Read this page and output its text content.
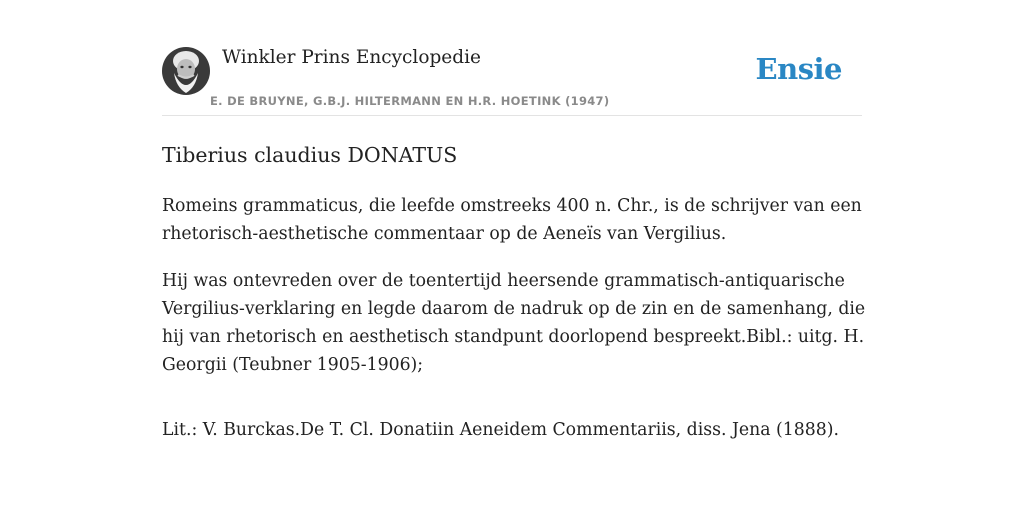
Winkler Prins Encyclopedie
E. DE BRUYNE, G.B.J. HILTERMANN EN H.R. HOETINK (1947)
Ensie
Tiberius claudius DONATUS

Romeins grammaticus, die leefde omstreeks 400 n. Chr., is de schrijver van een rhetorisch-aesthetische commentaar op de Aeneïs van Vergilius.

Hij was ontevreden over de toentertijd heersende grammatisch-antiquarische Vergilius-verklaring en legde daarom de nadruk op de zin en de samenhang, die hij van rhetorisch en aesthetisch standpunt doorlopend bespreekt.Bibl.: uitg. H. Georgii (Teubner 1905-1906);

Lit.: V. Burckas.De T. Cl. Donatiin Aeneidem Commentariis, diss. Jena (1888).
